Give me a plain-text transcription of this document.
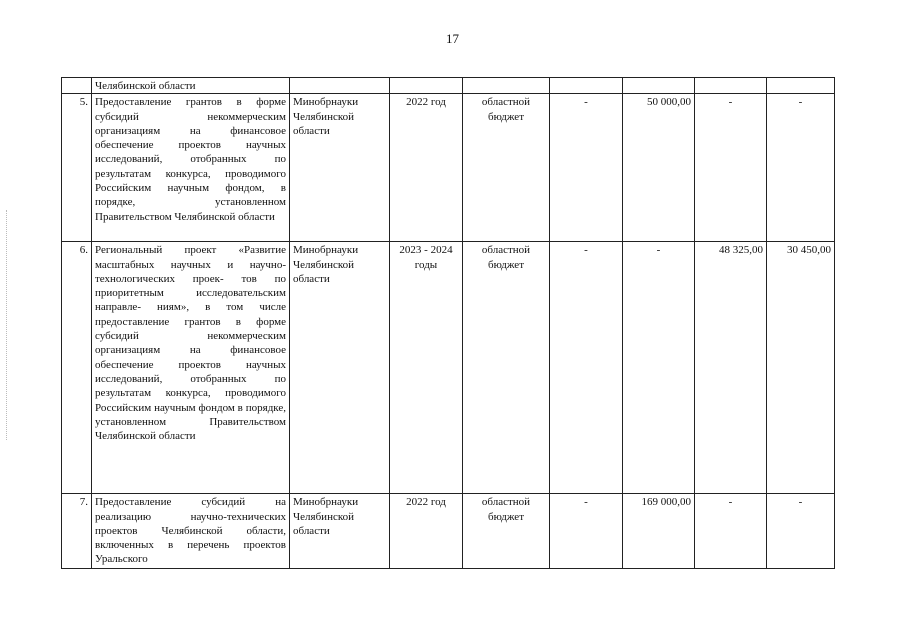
17
	Челябинской области							
5.	Предоставление грантов в форме субсидий некоммерческим организациям на финансовое обеспечение проектов научных исследований, отобранных по результатам конкурса, проводимого Российским научным фондом, в порядке, установленном Правительством Челябинской области	Минобрнауки Челябинской области	2022 год	областной бюджет	-	50 000,00	-	-
6.	Региональный проект «Развитие масштабных научных и научно-технологических проек- тов по приоритетным исследовательским направле- ниям», в том числе предоставление грантов в форме субсидий некоммерческим организациям на финансовое обеспечение проектов научных исследований, отобранных по результатам конкурса, проводимого Российским научным фондом в порядке, установленном Правительством Челябинской области	Минобрнауки Челябинской области	2023 - 2024 годы	областной бюджет	-	-	48 325,00	30 450,00
7.	Предоставление субсидий на реализацию научно-технических проектов Челябинской области, включенных в перечень проектов Уральского	Минобрнауки Челябинской области	2022 год	областной бюджет	-	169 000,00	-	-
